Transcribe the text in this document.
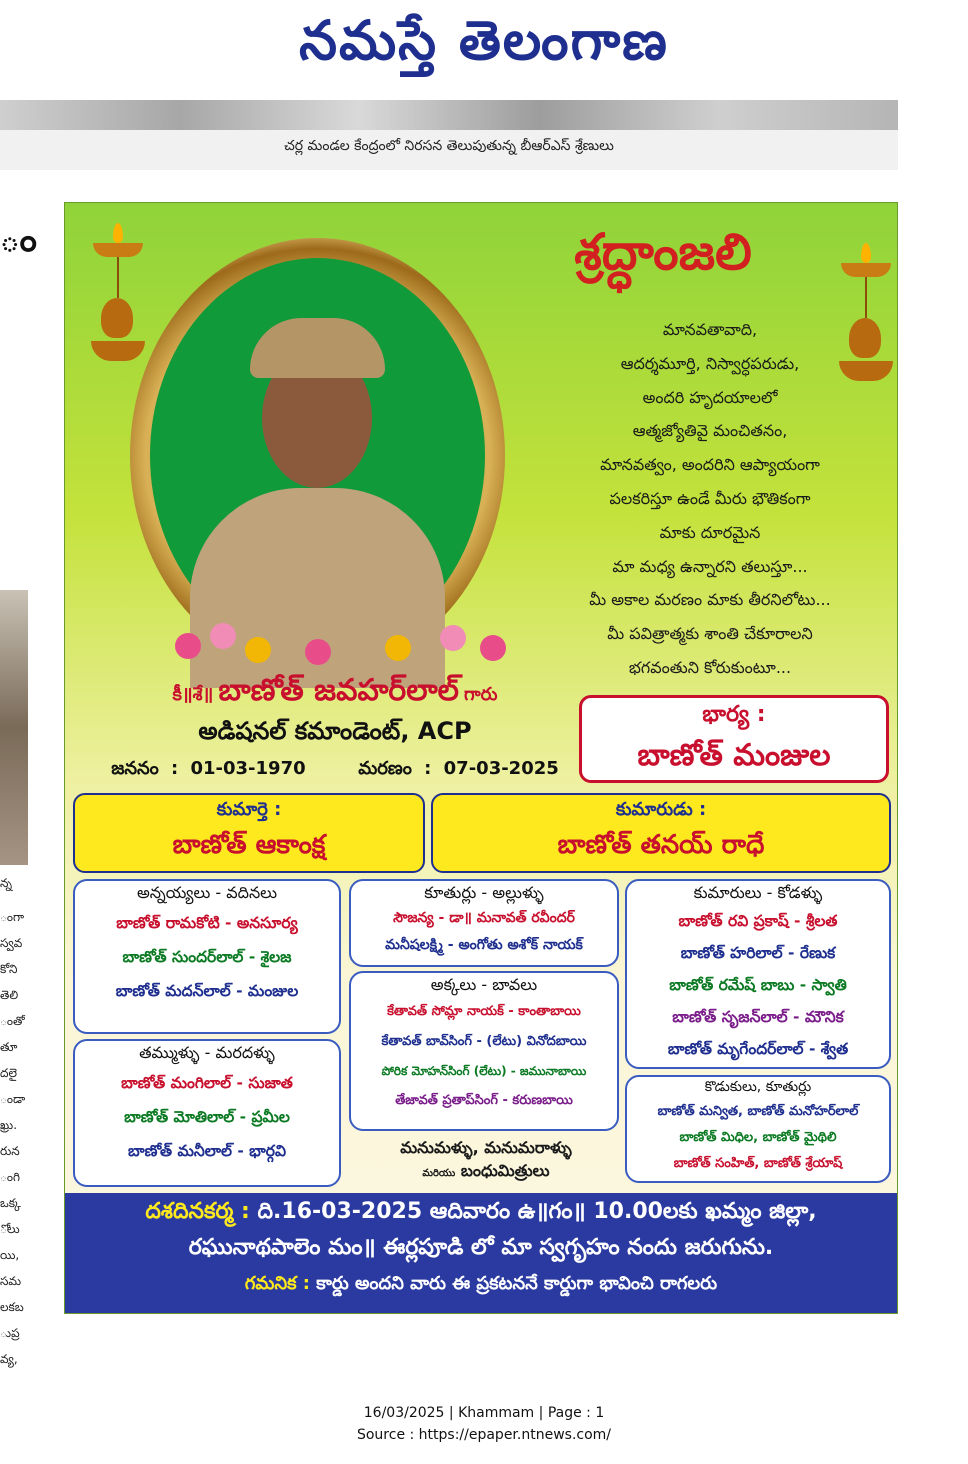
నమస్తే తెలంగాణ
చర్ల మండల కేంద్రంలో నిరసన తెలుపుతున్న బీఆర్ఎస్ శ్రేణులు
ం
న్న
ంగా
స్వవ
కోని
తెలి
ంతో
తూ
దలై
ండా
ఖ్రు.
రున
ంగి
ఒక్క
ోలు
యి,
సమ
లకబ
ుప్ర
వ్య,
శ్రద్ధాంజలి
మానవతావాది,
ఆదర్శమూర్తి, నిస్వార్ధపరుడు,
అందరి హృదయాలలో
ఆత్మజ్యోతివై మంచితనం,
మానవత్వం, అందరిని ఆప్యాయంగా
పలకరిస్తూ ఉండే మీరు భౌతికంగా
మాకు దూరమైన
మా మధ్య ఉన్నారని తలుస్తూ...
మీ అకాల మరణం మాకు తీరనిలోటు...
మీ పవిత్రాత్మకు శాంతి చేకూరాలని
భగవంతుని కోరుకుంటూ...
కీ॥శే॥ బాణోత్ జవహర్‌లాల్ గారు
అడిషనల్ కమాండెంట్, ACP
జననం : 01-03-1970	మరణం : 07-03-2025
భార్య :
బాణోత్ మంజుల
కుమార్తె :
బాణోత్ ఆకాంక్ష
కుమారుడు :
బాణోత్ తనయ్ రాధే
అన్నయ్యలు - వదినలు
బాణోత్ రామకోటి - అనసూర్య
బాణోత్ సుందర్‌లాల్ - శైలజ
బాణోత్ మదన్‌లాల్ - మంజుల
తమ్ముళ్ళు - మరదళ్ళు
బాణోత్ మంగిలాల్ - సుజాత
బాణోత్ మోతిలాల్ - ప్రమీల
బాణోత్ మనీలాల్ - భార్గవి
కూతుర్లు - అల్లుళ్ళు
సౌజన్య - డా॥ మనావత్ రవీందర్
మనీషలక్ష్మి - అంగోతు అశోక్ నాయక్
అక్కలు - బావలు
కేతావత్ సోమ్లా నాయక్ - కాంతాబాయి
కేతావత్ బావ్‌సింగ్ - (లేటు) వినోదబాయి
పోరిక మోహన్‌సింగ్ (లేటు) - జమునాబాయి
తేజావత్ ప్రతాప్‌సింగ్ - కరుణబాయి
మనుమళ్ళు, మనుమరాళ్ళు
మరియు బంధుమిత్రులు
కుమారులు - కోడళ్ళు
బాణోత్ రవి ప్రకాష్ - శ్రీలత
బాణోత్ హరిలాల్ - రేణుక
బాణోత్ రమేష్ బాబు - స్వాతి
బాణోత్ సృజన్‌లాల్ - మౌనిక
బాణోత్ మృగేందర్‌లాల్ - శ్వేత
కొడుకులు, కూతుర్లు
బాణోత్ మన్విత, బాణోత్ మనోహర్‌లాల్
బాణోత్ మిధిల, బాణోత్ మైథిలి
బాణోత్ సంహిత్, బాణోత్ శ్రేయాష్
దశదినకర్మ : ది.16-03-2025 ఆదివారం ఉ॥గం॥ 10.00లకు ఖమ్మం జిల్లా,
రఘునాథపాలెం మం॥ ఈర్లపూడి లో మా స్వగృహం నందు జరుగును.
గమనిక : కార్డు అందని వారు ఈ ప్రకటననే కార్డుగా భావించి రాగలరు
16/03/2025 | Khammam | Page : 1
Source : https://epaper.ntnews.com/
